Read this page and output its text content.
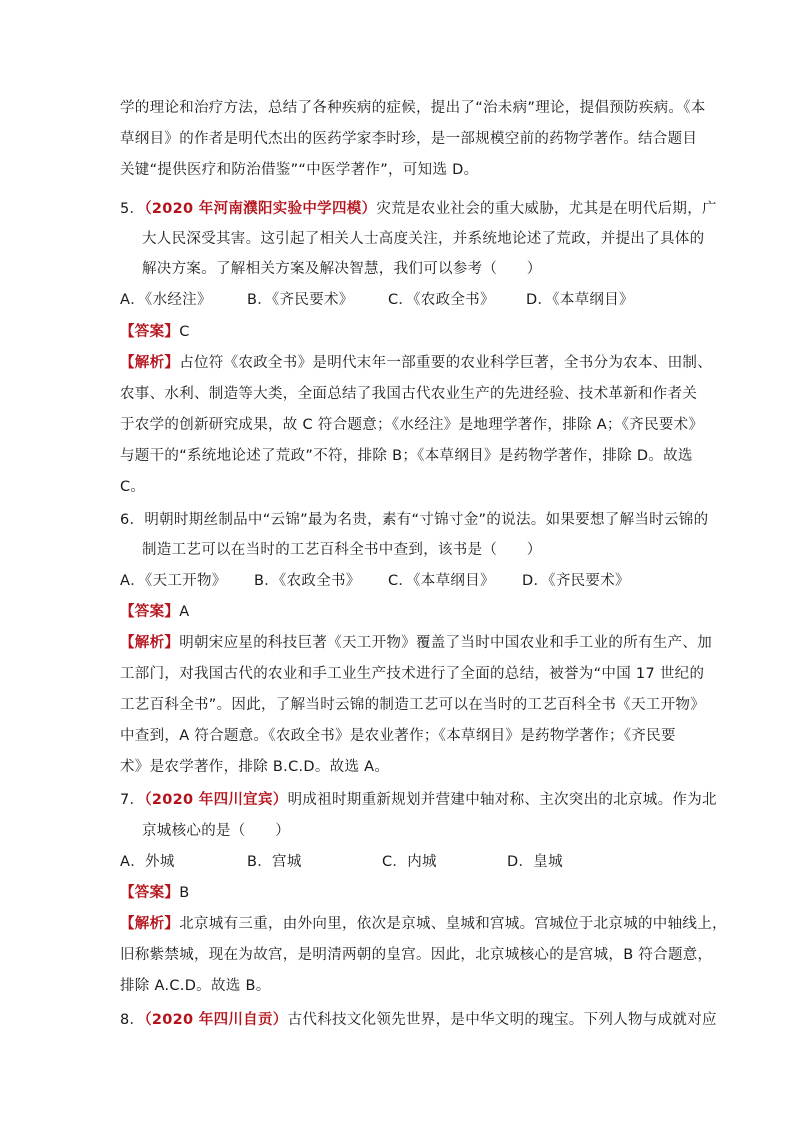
学的理论和治疗方法，总结了各种疾病的症候，提出了“治未病”理论，提倡预防疾病。《本
草纲目》的作者是明代杰出的医药学家李时珍，是一部规模空前的药物学著作。结合题目
关键“提供医疗和防治借鉴”“中医学著作”，可知选 D。
5．（2020 年河南濮阳实验中学四模）灾荒是农业社会的重大威胁，尤其是在明代后期，广
大人民深受其害。这引起了相关人士高度关注，并系统地论述了荒政，并提出了具体的
解决方案。了解相关方案及解决智慧，我们可以参考（　　）
A．《水经注》 B．《齐民要术》 C．《农政全书》 D．《本草纲目》
【答案】C
【解析】占位符《农政全书》是明代末年一部重要的农业科学巨著，全书分为农本、田制、
农事、水利、制造等大类，全面总结了我国古代农业生产的先进经验、技术革新和作者关
于农学的创新研究成果，故 C 符合题意；《水经注》是地理学著作，排除 A；《齐民要术》
与题干的“系统地论述了荒政”不符，排除 B；《本草纲目》是药物学著作，排除 D。故选
C。
6．明朝时期丝制品中“云锦”最为名贵，素有“寸锦寸金”的说法。如果要想了解当时云锦的
制造工艺可以在当时的工艺百科全书中查到，该书是（　　）
A．《天工开物》 B．《农政全书》 C．《本草纲目》 D．《齐民要术》
【答案】A
【解析】明朝宋应星的科技巨著《天工开物》覆盖了当时中国农业和手工业的所有生产、加
工部门，对我国古代的农业和手工业生产技术进行了全面的总结，被誉为“中国 17 世纪的
工艺百科全书”。因此，了解当时云锦的制造工艺可以在当时的工艺百科全书《天工开物》
中查到，A 符合题意。《农政全书》是农业著作；《本草纲目》是药物学著作；《齐民要
术》是农学著作，排除 B.C.D。故选 A。
7．（2020 年四川宜宾）明成祖时期重新规划并营建中轴对称、主次突出的北京城。作为北
京城核心的是（　　）
A．外城	B．宫城	C．内城	D．皇城
【答案】B
【解析】北京城有三重，由外向里，依次是京城、皇城和宫城。宫城位于北京城的中轴线上，
旧称紫禁城，现在为故宫，是明清两朝的皇宫。因此，北京城核心的是宫城，B 符合题意，
排除 A.C.D。故选 B。
8．（2020 年四川自贡）古代科技文化领先世界，是中华文明的瑰宝。下列人物与成就对应
